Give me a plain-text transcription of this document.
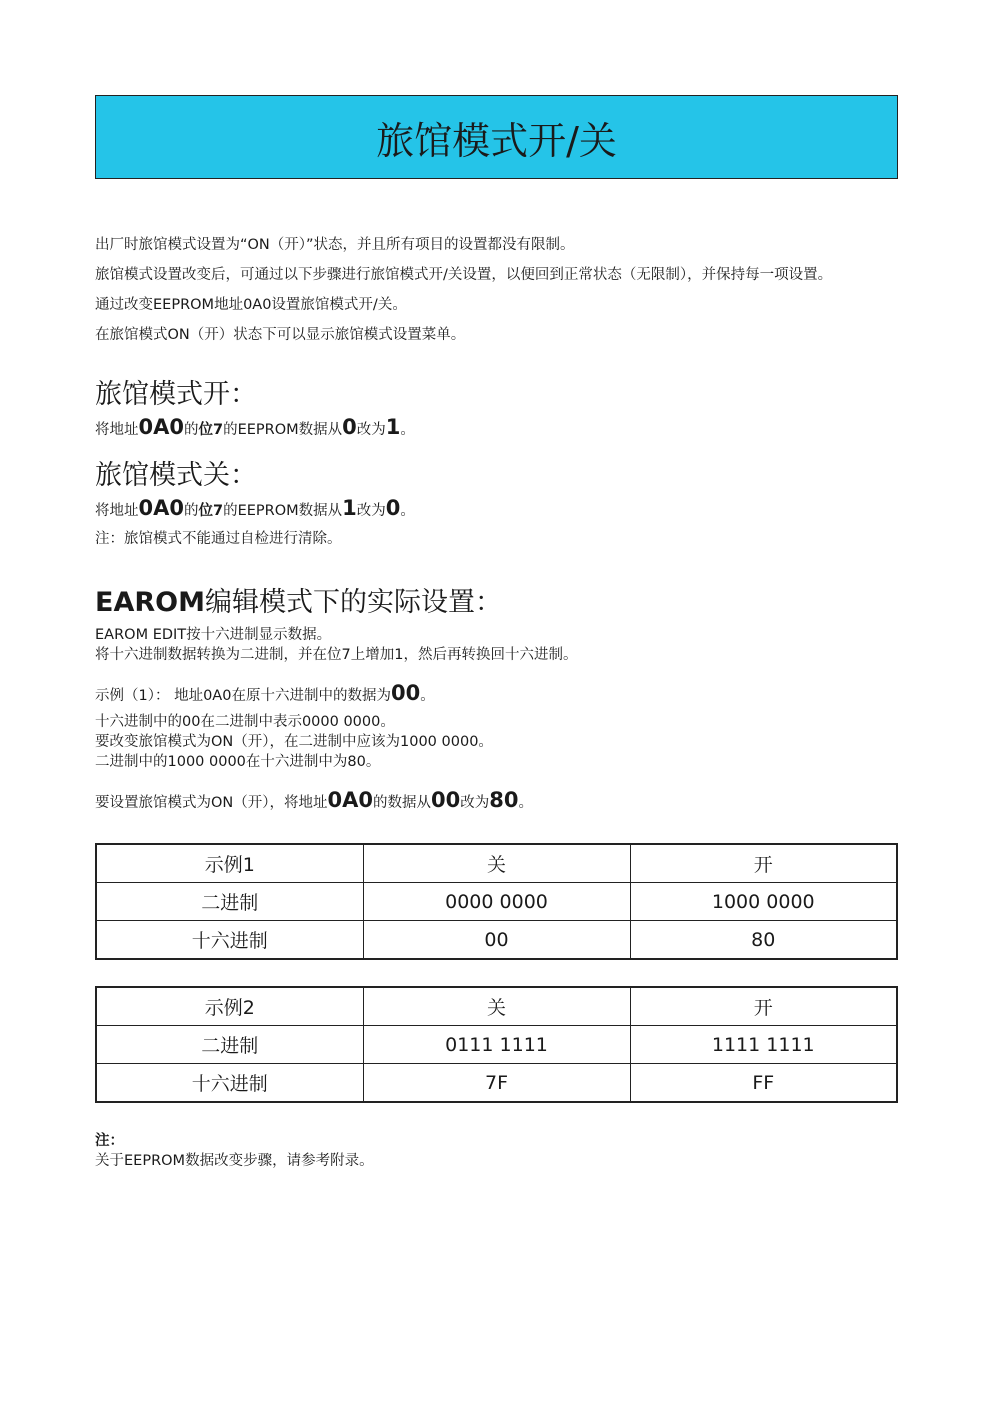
旅馆模式开/关

出厂时旅馆模式设置为“ON（开）”状态，并且所有项目的设置都没有限制。

旅馆模式设置改变后，可通过以下步骤进行旅馆模式开/关设置，以便回到正常状态（无限制），并保持每一项设置。

通过改变EEPROM地址0A0设置旅馆模式开/关。

在旅馆模式ON（开）状态下可以显示旅馆模式设置菜单。

旅馆模式开：

将地址0A0的位7的EEPROM数据从0改为1。

旅馆模式关：

将地址0A0的位7的EEPROM数据从1改为0。

注：旅馆模式不能通过自检进行清除。

EAROM编辑模式下的实际设置：

EAROM EDIT按十六进制显示数据。

将十六进制数据转换为二进制，并在位7上增加1，然后再转换回十六进制。

示例（1）： 地址0A0在原十六进制中的数据为00。

十六进制中的00在二进制中表示0000 0000。

要改变旅馆模式为ON（开），在二进制中应该为1000 0000。

二进制中的1000 0000在十六进制中为80。

要设置旅馆模式为ON（开），将地址0A0的数据从00改为80。

示例1	关	开
二进制	0000 0000	1000 0000
十六进制	00	80
示例2	关	开
二进制	0111 1111	1111 1111
十六进制	7F	FF

注：

关于EEPROM数据改变步骤，请参考附录。
